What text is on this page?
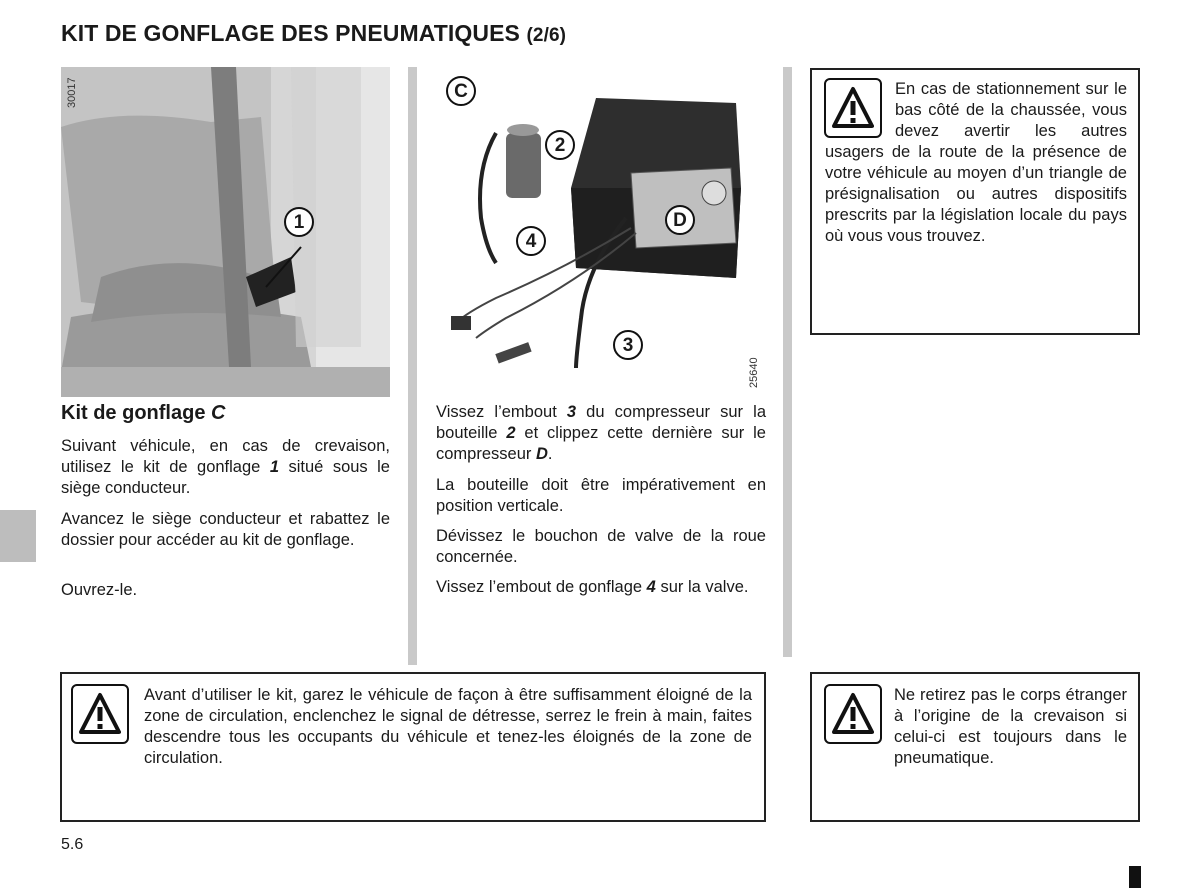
KIT DE GONFLAGE DES PNEUMATIQUES (2/6)
30017
1
C
2
4
D
3
25640
Kit de gonflage C
Suivant véhicule, en cas de crevaison, utilisez le kit de gonflage 1 situé sous le siège conducteur.
Avancez le siège conducteur et rabattez le dossier pour accéder au kit de gonflage.
Ouvrez-le.
Vissez l’embout 3 du compresseur sur la bouteille 2 et clippez cette dernière sur le compresseur D.
La bouteille doit être impérativement en position verticale.
Dévissez le bouchon de valve de la roue concernée.
Vissez l’embout de gonflage 4 sur la valve.
En cas de stationnement sur le bas côté de la chaussée, vous devez avertir les autres usagers de la route de la présence de votre véhicule au moyen d’un triangle de présignalisation ou autres dispositifs prescrits par la législation locale du pays où vous vous trouvez.
Avant d’utiliser le kit, garez le véhicule de façon à être suffisamment éloigné de la zone de circulation, enclenchez le signal de détresse, serrez le frein à main, faites descendre tous les occupants du véhicule et tenez-les éloignés de la zone de circulation.
Ne retirez pas le corps étranger à l’origine de la crevaison si celui-ci est toujours dans le pneumatique.
5.6
